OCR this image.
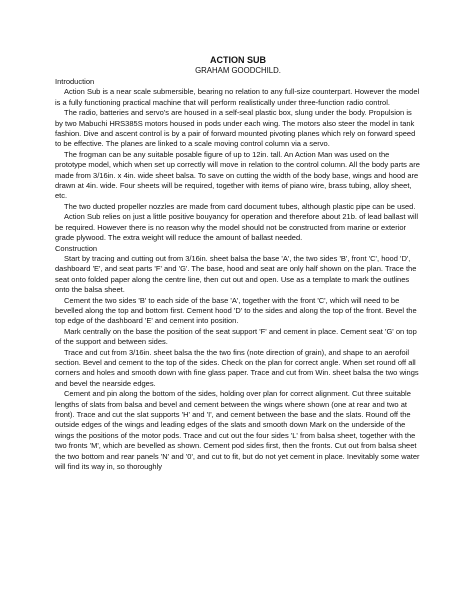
ACTION SUB

GRAHAM GOODCHILD.

Introduction

Action Sub is a near scale submersible, bearing no relation to any full-size counterpart. However the model is a fully functioning practical machine that will perform realistically under three-function radio control.

The radio, batteries and servo's are housed in a self-seal plastic box, slung under the body. Propulsion is by two Mabuchi HRS385S motors housed in pods under each wing. The motors also steer the model in tank fashion. Dive and ascent control is by a pair of forward mounted pivoting planes which rely on forward speed to be effective. The planes are linked to a scale moving control column via a servo.

The frogman can be any suitable posable figure of up to 12in. tall. An Action Man was used on the prototype model, which when set up correctly will move in relation to the control column. All the body parts are made from 3/16in. x 4in. wide sheet balsa. To save on cutting the width of the body base, wings and hood are drawn at 4in. wide. Four sheets will be required, together with items of piano wire, brass tubing, alloy sheet, etc.

The two ducted propeller nozzles are made from card document tubes, although plastic pipe can be used.

Action Sub relies on just a little positive bouyancy for operation and therefore about 21b. of lead ballast will be required. However there is no reason why the model should not be constructed from marine or exterior grade plywood. The extra weight will reduce the amount of ballast needed.

Construction

Start by tracing and cutting out from 3/16in. sheet balsa the base 'A', the two sides 'B', front 'C', hood 'D', dashboard 'E', and seat parts 'F' and 'G'. The base, hood and seat are only half shown on the plan. Trace the seat onto folded paper along the centre line, then cut out and open. Use as a template to mark the outlines onto the balsa sheet.

Cement the two sides 'B' to each side of the base 'A', together with the front 'C', which will need to be bevelled along the top and bottom first. Cement hood 'D' to the sides and along the top of the front. Bevel the top edge of the dashboard 'E' and cement into position.

Mark centrally on the base the position of the seat support 'F' and cement in place. Cement seat 'G' on top of the support and between sides.

Trace and cut from 3/16in. sheet balsa the the two fins (note direction of grain), and shape to an aerofoil section. Bevel and cement to the top of the sides. Check on the plan for correct angle. When set round off all corners and holes and smooth down with fine glass paper. Trace and cut from Win. sheet balsa the two wings and bevel the nearside edges.

Cement and pin along the bottom of the sides, holding over plan for correct alignment. Cut three suitable lengths of slats from balsa and bevel and cement between the wings where shown (one at rear and two at front). Trace and cut the slat supports 'H' and 'I', and cement between the base and the slats. Round off the outside edges of the wings and leading edges of the slats and smooth down Mark on the underside of the wings the positions of the motor pods. Trace and cut out the four sides 'L' from balsa sheet, together with the two fronts 'M', which are bevelled as shown. Cement pod sides first, then the fronts. Cut out from balsa sheet the two bottom and rear panels 'N' and '0', and cut to fit, but do not yet cement in place. Inevitably some water will find its way in, so thoroughly
